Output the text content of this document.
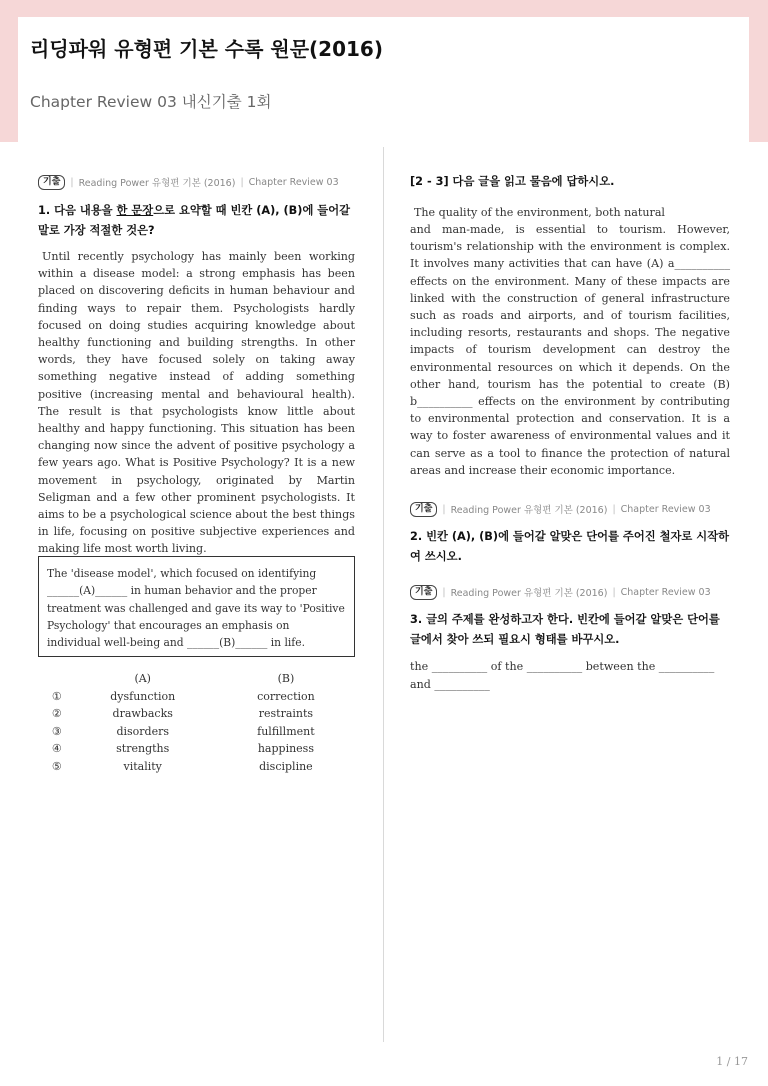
리딩파워 유형편 기본 수록 원문(2016)
Chapter Review 03 내신기출 1회
기출	| Reading Power 유형편 기본 (2016) | Chapter Review 03
1. 다음 내용을 한 문장으로 요약할 때 빈칸 (A), (B)에 들어갈 말로 가장 적절한 것은?
Until recently psychology has mainly been working within a disease model: a strong emphasis has been placed on discovering deficits in human behaviour and finding ways to repair them. Psychologists hardly focused on doing studies acquiring knowledge about healthy functioning and building strengths. In other words, they have focused solely on taking away something negative instead of adding something positive (increasing mental and behavioural health). The result is that psychologists know little about healthy and happy functioning. This situation has been changing now since the advent of positive psychology a few years ago. What is Positive Psychology? It is a new movement in psychology, originated by Martin Seligman and a few other prominent psychologists. It aims to be a psychological science about the best things in life, focusing on positive subjective experiences and making life most worth living.
The 'disease model', which focused on identifying ______(A)______ in human behavior and the proper treatment was challenged and gave its way to 'Positive Psychology' that encourages an emphasis on individual well-being and ______(B)______ in life.
(A)	(B)
①	dysfunction	correction
②	drawbacks	restraints
③	disorders	fulfillment
④	strengths	happiness
⑤	vitality	discipline
[2 - 3] 다음 글을 읽고 물음에 답하시오.
The quality of the environment, both natural
and man-made, is essential to tourism. However, tourism's relationship with the environment is complex. It involves many activities that can have (A) a__________ effects on the environment. Many of these impacts are linked with the construction of general infrastructure such as roads and airports, and of tourism facilities, including resorts, restaurants and shops. The negative impacts of tourism development can destroy the environmental resources on which it depends. On the other hand, tourism has the potential to create (B) b__________ effects on the environment by contributing to environmental protection and conservation. It is a way to foster awareness of environmental values and it can serve as a tool to finance the protection of natural areas and increase their economic importance.
기출	| Reading Power 유형편 기본 (2016) | Chapter Review 03
2. 빈칸 (A), (B)에 들어갈 알맞은 단어를 주어진 철자로 시작하여 쓰시오.
기출	| Reading Power 유형편 기본 (2016) | Chapter Review 03
3. 글의 주제를 완성하고자 한다. 빈칸에 들어갈 알맞은 단어를 글에서 찾아 쓰되 필요시 형태를 바꾸시오.
the __________ of the __________ between the __________
and __________
1 / 17
